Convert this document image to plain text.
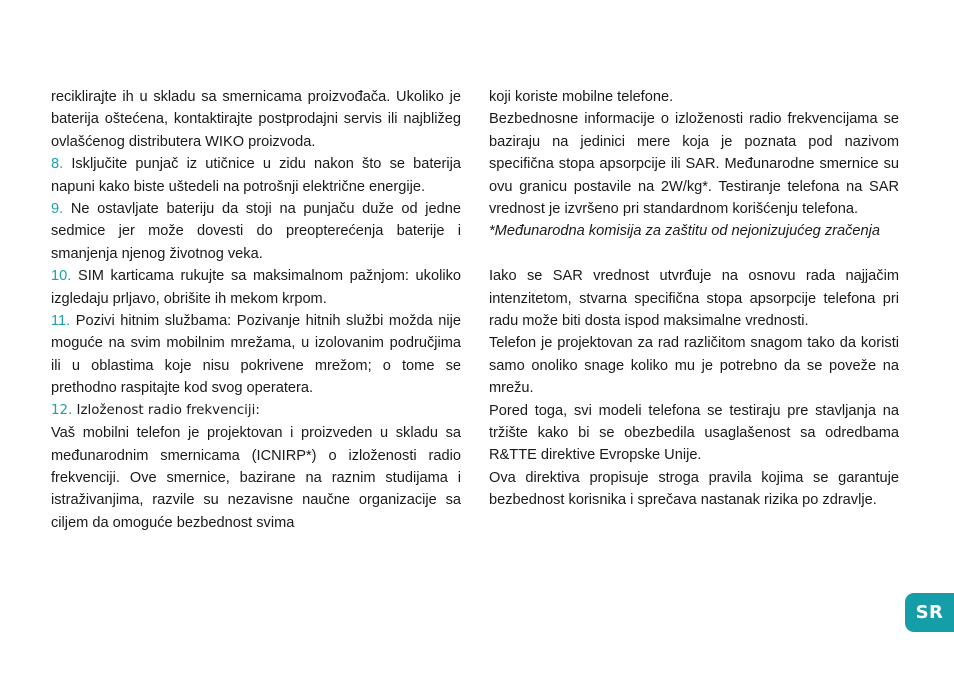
reciklirajte ih u skladu sa smernicama proizvođača. Ukoliko je baterija oštećena, kontaktirajte postprodajni servis ili najbližeg ovlašćenog distributera WIKO proizvoda.

8. Isključite punjač iz utičnice u zidu nakon što se baterija napuni kako biste uštedeli na potrošnji električne energije.

9. Ne ostavljate bateriju da stoji na punjaču duže od jedne sedmice jer može dovesti do preopterećenja baterije i smanjenja njenog životnog veka.

10. SIM karticama rukujte sa maksimalnom pažnjom: ukoliko izgledaju prljavo, obrišite ih mekom krpom.

11. Pozivi hitnim službama: Pozivanje hitnih službi možda nije moguće na svim mobilnim mrežama, u izolovanim područjima ili u oblastima koje nisu pokrivene mrežom; o tome se prethodno raspitajte kod svog operatera.

12. Izloženost radio frekvenciji:

Vaš mobilni telefon je projektovan i proizveden u skladu sa međunarodnim smernicama (ICNIRP*) o izloženosti radio frekvenciji. Ove smernice, bazirane na raznim studijama i istraživanjima, razvile su nezavisne naučne organizacije sa ciljem da omoguće bezbednost svima

koji koriste mobilne telefone.

Bezbednosne informacije o izloženosti radio frekvencijama se baziraju na jedinici mere koja je poznata pod nazivom specifična stopa apsorpcije ili SAR. Međunarodne smernice su ovu granicu postavile na 2W/kg*. Testiranje telefona na SAR vrednost je izvršeno pri standardnom korišćenju telefona.

*Međunarodna komisija za zaštitu od nejonizujućeg zračenja

Iako se SAR vrednost utvrđuje na osnovu rada najjačim intenzitetom, stvarna specifična stopa apsorpcije telefona pri radu može biti dosta ispod maksimalne vrednosti.

Telefon je projektovan za rad različitom snagom tako da koristi samo onoliko snage koliko mu je potrebno da se poveže na mrežu.

Pored toga, svi modeli telefona se testiraju pre stavljanja na tržište kako bi se obezbedila usaglašenost sa odredbama R&TTE direktive Evropske Unije.

Ova direktiva propisuje stroga pravila kojima se garantuje bezbednost korisnika i sprečava nastanak rizika po zdravlje.

SR
